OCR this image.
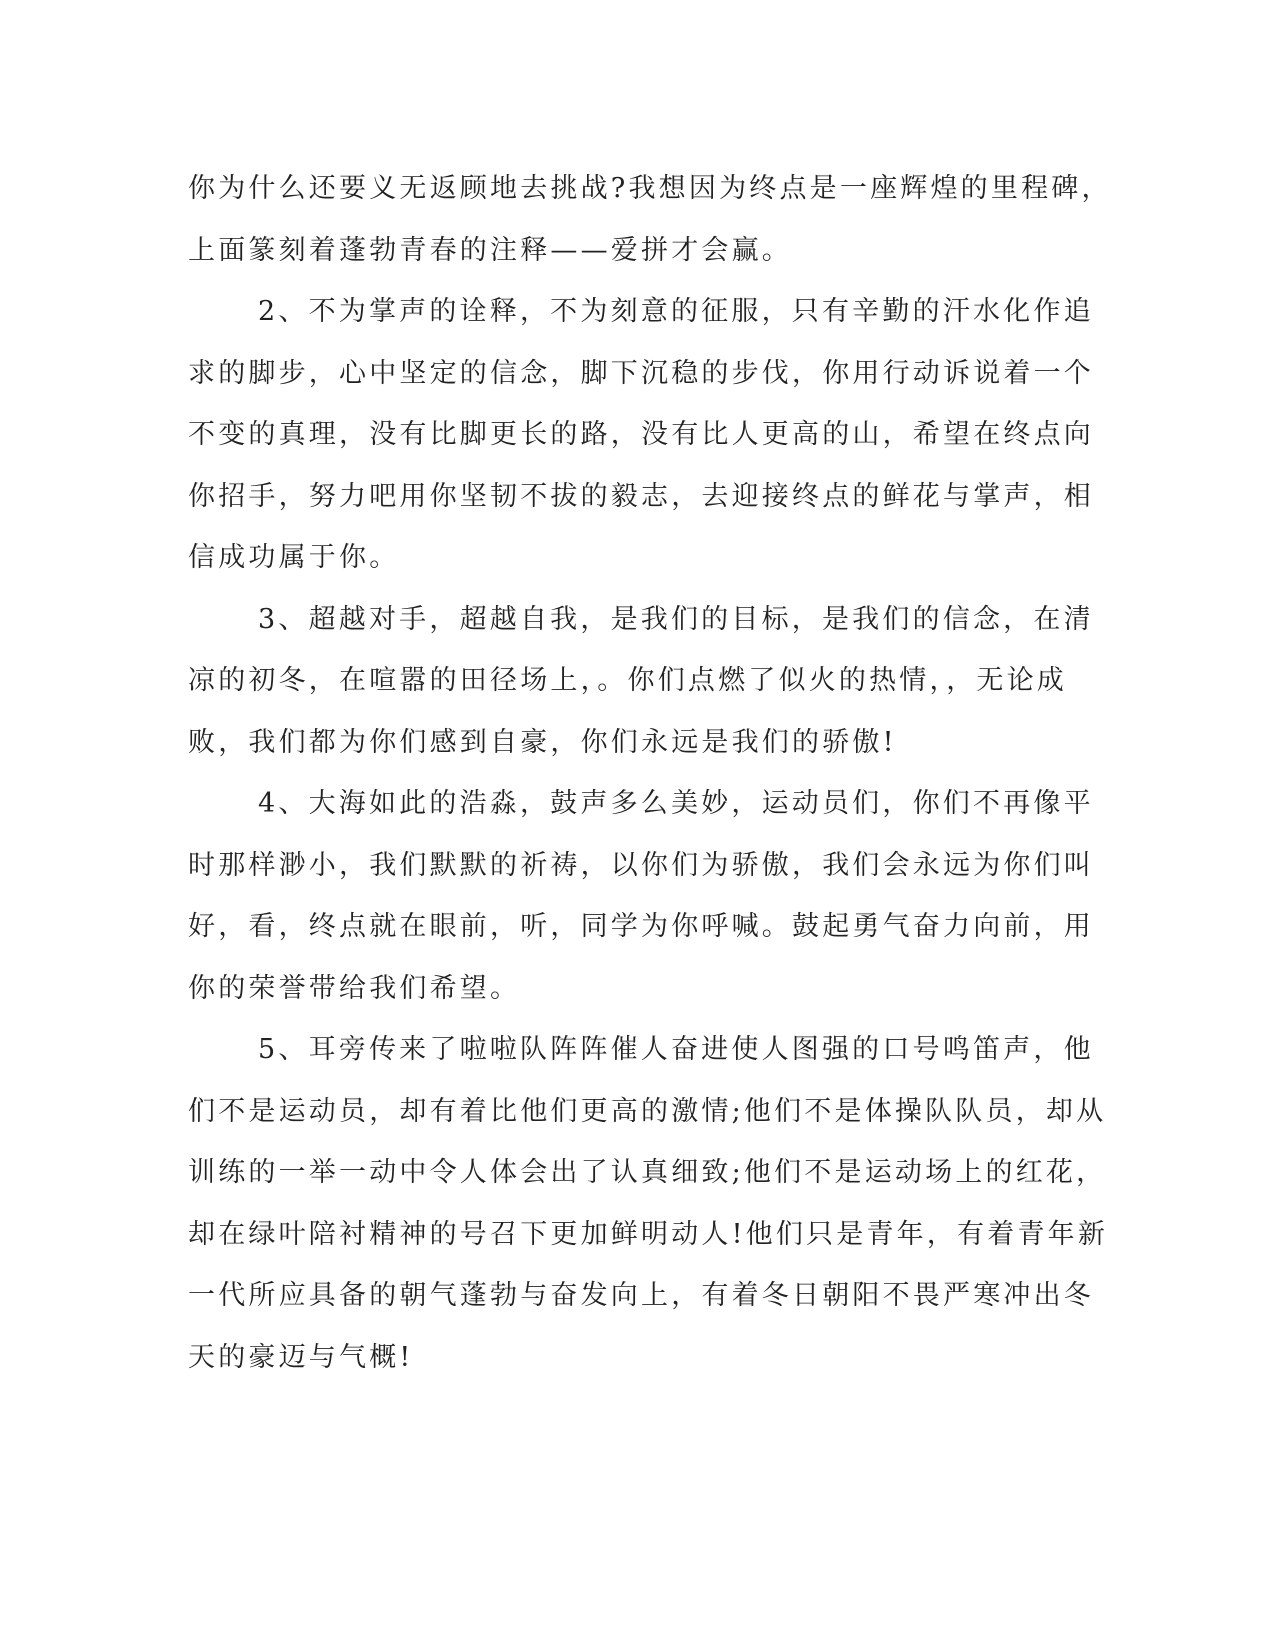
你为什么还要义无返顾地去挑战?我想因为终点是一座辉煌的里程碑，
上面篆刻着蓬勃青春的注释——爱拼才会赢。
2、不为掌声的诠释，不为刻意的征服，只有辛勤的汗水化作追
求的脚步，心中坚定的信念，脚下沉稳的步伐，你用行动诉说着一个
不变的真理，没有比脚更长的路，没有比人更高的山，希望在终点向
你招手，努力吧用你坚韧不拔的毅志，去迎接终点的鲜花与掌声，相
信成功属于你。
3、超越对手，超越自我，是我们的目标，是我们的信念，在清
凉的初冬，在喧嚣的田径场上，。你们点燃了似火的热情，，无论成
败，我们都为你们感到自豪，你们永远是我们的骄傲!
4、大海如此的浩淼，鼓声多么美妙，运动员们，你们不再像平
时那样渺小，我们默默的祈祷，以你们为骄傲，我们会永远为你们叫
好，看，终点就在眼前，听，同学为你呼喊。鼓起勇气奋力向前，用
你的荣誉带给我们希望。
5、耳旁传来了啦啦队阵阵催人奋进使人图强的口号鸣笛声，他
们不是运动员，却有着比他们更高的激情;他们不是体操队队员，却从
训练的一举一动中令人体会出了认真细致;他们不是运动场上的红花，
却在绿叶陪衬精神的号召下更加鲜明动人!他们只是青年，有着青年新
一代所应具备的朝气蓬勃与奋发向上，有着冬日朝阳不畏严寒冲出冬
天的豪迈与气概!
